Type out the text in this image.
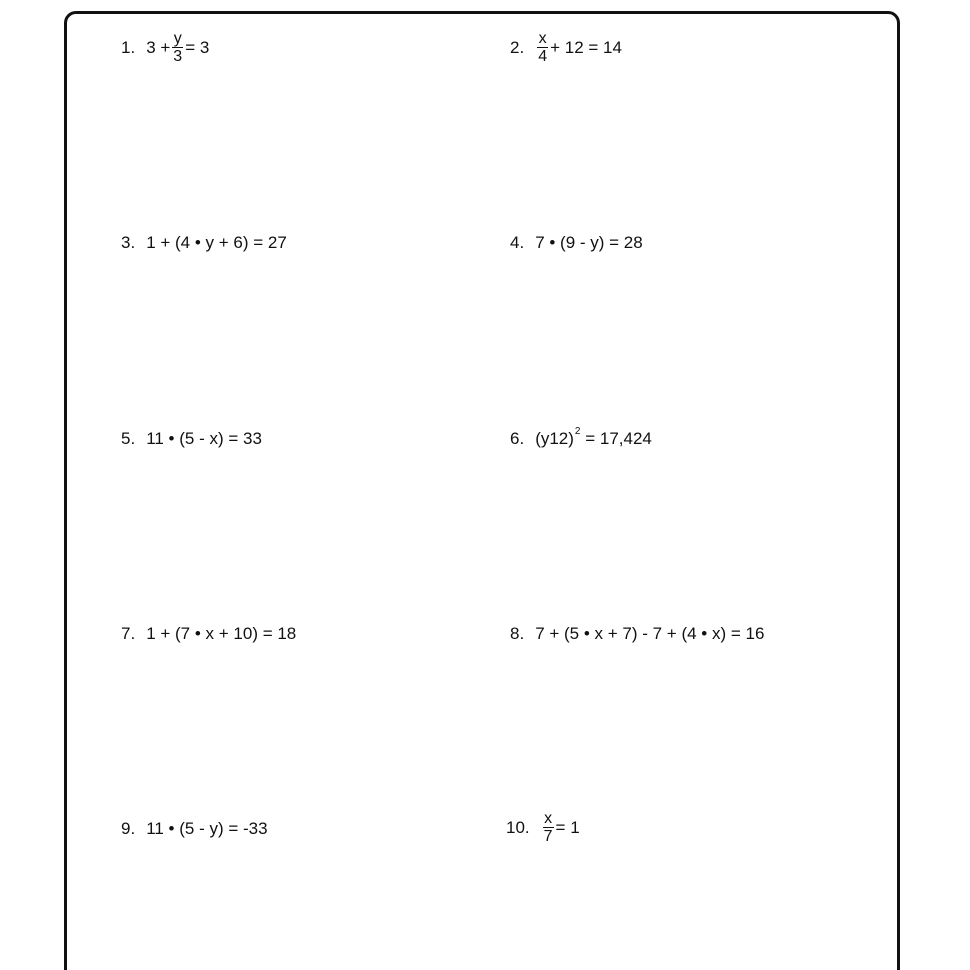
1. $3 + \frac{y}{3} = 3$	2. $\frac{x}{4} + 12 = 14$
3. 1 + (4 • y + 6) = 27	4. 7 • (9 - y) = 28
5. 11 • (5 - x) = 33	6. (y12) 2 = 17,424
7. 1 + (7 • x + 10) = 18	8. 7 + (5 • x + 7) - 7 + (4 • x) = 16
9. 11 • (5 - y) = -33	10. $\frac{x}{7} = 1$
